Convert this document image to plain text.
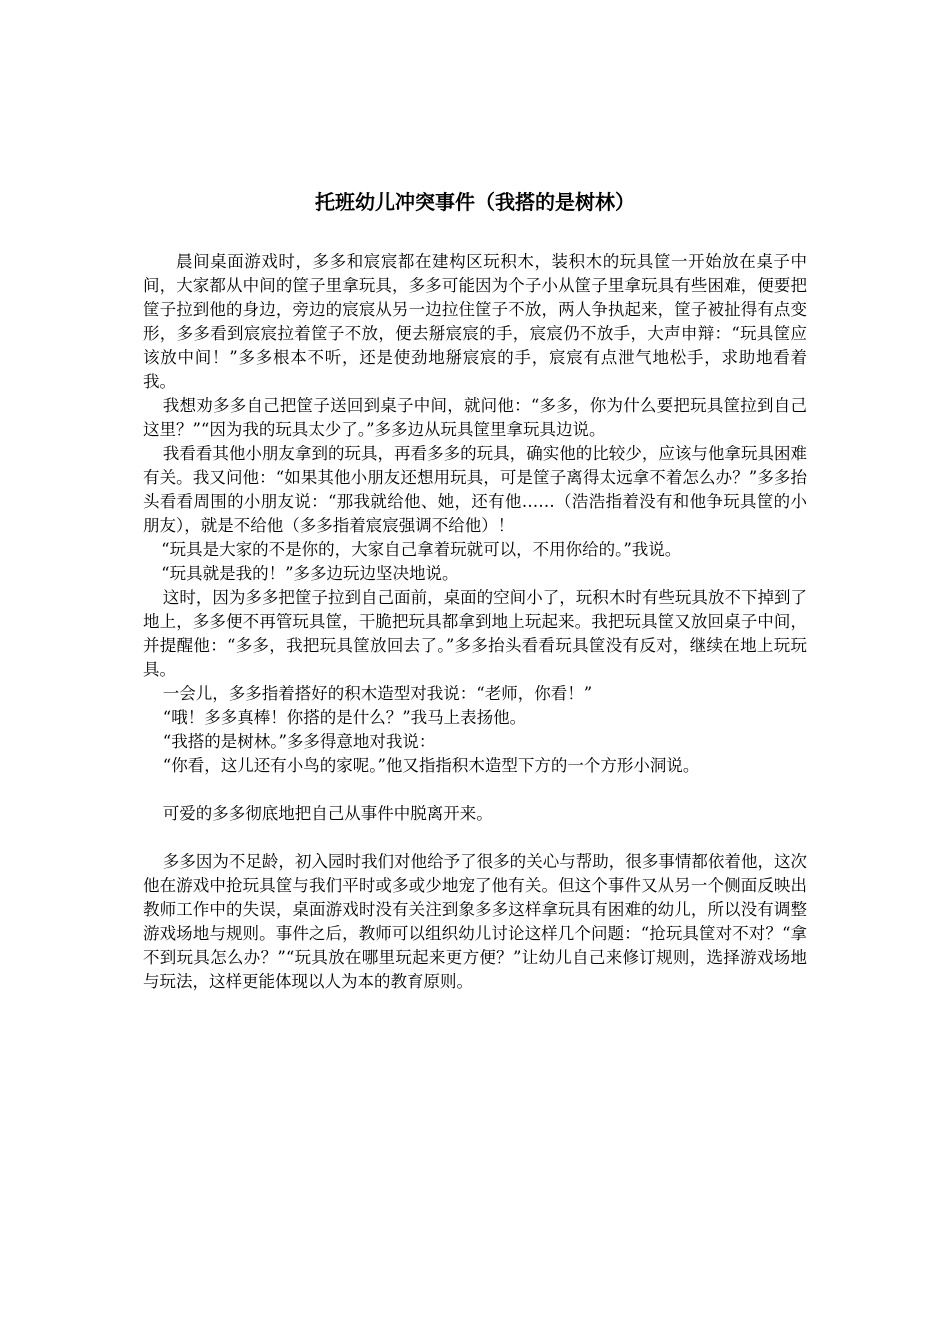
托班幼儿冲突事件（我搭的是树林）

晨间桌面游戏时，多多和宸宸都在建构区玩积木，装积木的玩具筐一开始放在桌子中间，大家都从中间的筐子里拿玩具，多多可能因为个子小从筐子里拿玩具有些困难，便要把筐子拉到他的身边，旁边的宸宸从另一边拉住筐子不放，两人争执起来，筐子被扯得有点变形，多多看到宸宸拉着筐子不放，便去掰宸宸的手，宸宸仍不放手，大声申辩：“玩具筐应该放中间！”多多根本不听，还是使劲地掰宸宸的手，宸宸有点泄气地松手，求助地看着我。

我想劝多多自己把筐子送回到桌子中间，就问他：“多多，你为什么要把玩具筐拉到自己这里？”“因为我的玩具太少了。”多多边从玩具筐里拿玩具边说。

我看看其他小朋友拿到的玩具，再看多多的玩具，确实他的比较少，应该与他拿玩具困难有关。我又问他：“如果其他小朋友还想用玩具，可是筐子离得太远拿不着怎么办？”多多抬头看看周围的小朋友说：“那我就给他、她，还有他……（浩浩指着没有和他争玩具筐的小朋友），就是不给他（多多指着宸宸强调不给他）！

“玩具是大家的不是你的，大家自己拿着玩就可以，不用你给的。”我说。

“玩具就是我的！”多多边玩边坚决地说。

这时，因为多多把筐子拉到自己面前，桌面的空间小了，玩积木时有些玩具放不下掉到了地上，多多便不再管玩具筐，干脆把玩具都拿到地上玩起来。我把玩具筐又放回桌子中间，并提醒他：“多多，我把玩具筐放回去了。”多多抬头看看玩具筐没有反对，继续在地上玩玩具。

一会儿，多多指着搭好的积木造型对我说：“老师，你看！”

“哦！多多真棒！你搭的是什么？”我马上表扬他。

“我搭的是树林。”多多得意地对我说：

“你看，这儿还有小鸟的家呢。”他又指指积木造型下方的一个方形小洞说。

可爱的多多彻底地把自己从事件中脱离开来。

多多因为不足龄，初入园时我们对他给予了很多的关心与帮助，很多事情都依着他，这次他在游戏中抢玩具筐与我们平时或多或少地宠了他有关。但这个事件又从另一个侧面反映出教师工作中的失误，桌面游戏时没有关注到象多多这样拿玩具有困难的幼儿，所以没有调整游戏场地与规则。事件之后，教师可以组织幼儿讨论这样几个问题：“抢玩具筐对不对？“拿不到玩具怎么办？”“玩具放在哪里玩起来更方便？”让幼儿自己来修订规则，选择游戏场地与玩法，这样更能体现以人为本的教育原则。
